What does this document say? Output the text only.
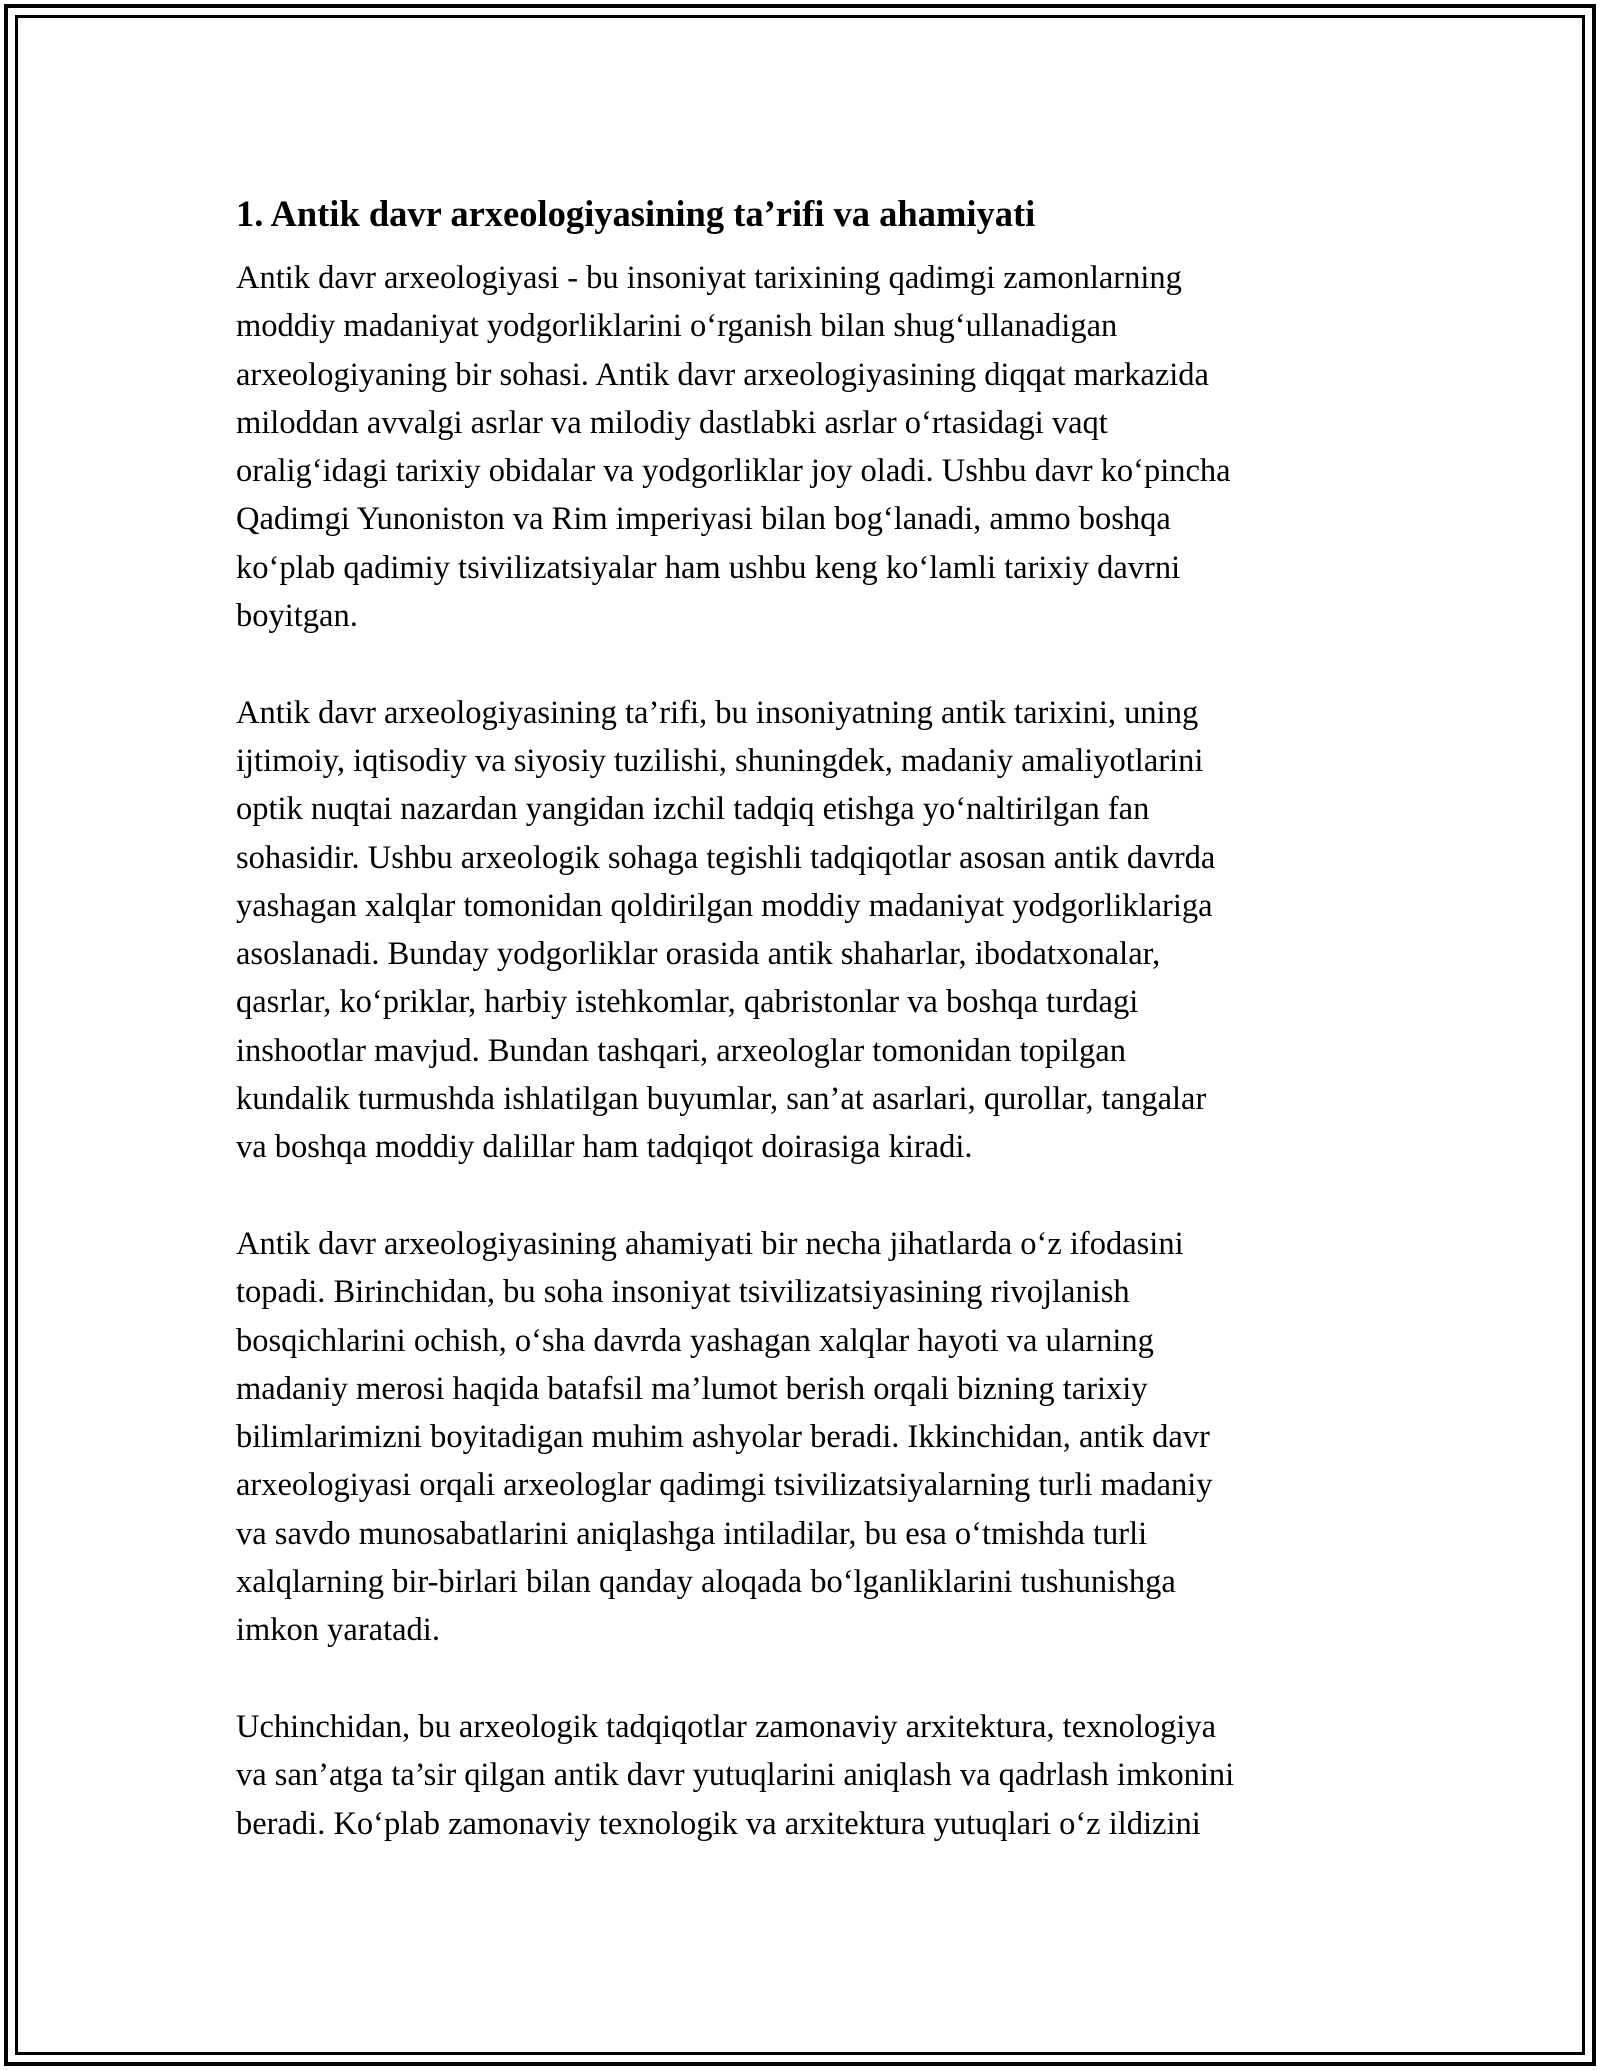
1. Antik davr arxeologiyasining ta’rifi va ahamiyati
Antik davr arxeologiyasi - bu insoniyat tarixining qadimgi zamonlarning
moddiy madaniyat yodgorliklarini o‘rganish bilan shug‘ullanadigan
arxeologiyaning bir sohasi. Antik davr arxeologiyasining diqqat markazida
miloddan avvalgi asrlar va milodiy dastlabki asrlar o‘rtasidagi vaqt
oralig‘idagi tarixiy obidalar va yodgorliklar joy oladi. Ushbu davr ko‘pincha
Qadimgi Yunoniston va Rim imperiyasi bilan bog‘lanadi, ammo boshqa
ko‘plab qadimiy tsivilizatsiyalar ham ushbu keng ko‘lamli tarixiy davrni
boyitgan.
Antik davr arxeologiyasining ta’rifi, bu insoniyatning antik tarixini, uning
ijtimoiy, iqtisodiy va siyosiy tuzilishi, shuningdek, madaniy amaliyotlarini
optik nuqtai nazardan yangidan izchil tadqiq etishga yo‘naltirilgan fan
sohasidir. Ushbu arxeologik sohaga tegishli tadqiqotlar asosan antik davrda
yashagan xalqlar tomonidan qoldirilgan moddiy madaniyat yodgorliklariga
asoslanadi. Bunday yodgorliklar orasida antik shaharlar, ibodatxonalar,
qasrlar, ko‘priklar, harbiy istehkomlar, qabristonlar va boshqa turdagi
inshootlar mavjud. Bundan tashqari, arxeologlar tomonidan topilgan
kundalik turmushda ishlatilgan buyumlar, san’at asarlari, qurollar, tangalar
va boshqa moddiy dalillar ham tadqiqot doirasiga kiradi.
Antik davr arxeologiyasining ahamiyati bir necha jihatlarda o‘z ifodasini
topadi. Birinchidan, bu soha insoniyat tsivilizatsiyasining rivojlanish
bosqichlarini ochish, o‘sha davrda yashagan xalqlar hayoti va ularning
madaniy merosi haqida batafsil ma’lumot berish orqali bizning tarixiy
bilimlarimizni boyitadigan muhim ashyolar beradi. Ikkinchidan, antik davr
arxeologiyasi orqali arxeologlar qadimgi tsivilizatsiyalarning turli madaniy
va savdo munosabatlarini aniqlashga intiladilar, bu esa o‘tmishda turli
xalqlarning bir-birlari bilan qanday aloqada bo‘lganliklarini tushunishga
imkon yaratadi.
Uchinchidan, bu arxeologik tadqiqotlar zamonaviy arxitektura, texnologiya
va san’atga ta’sir qilgan antik davr yutuqlarini aniqlash va qadrlash imkonini
beradi. Ko‘plab zamonaviy texnologik va arxitektura yutuqlari o‘z ildizini
